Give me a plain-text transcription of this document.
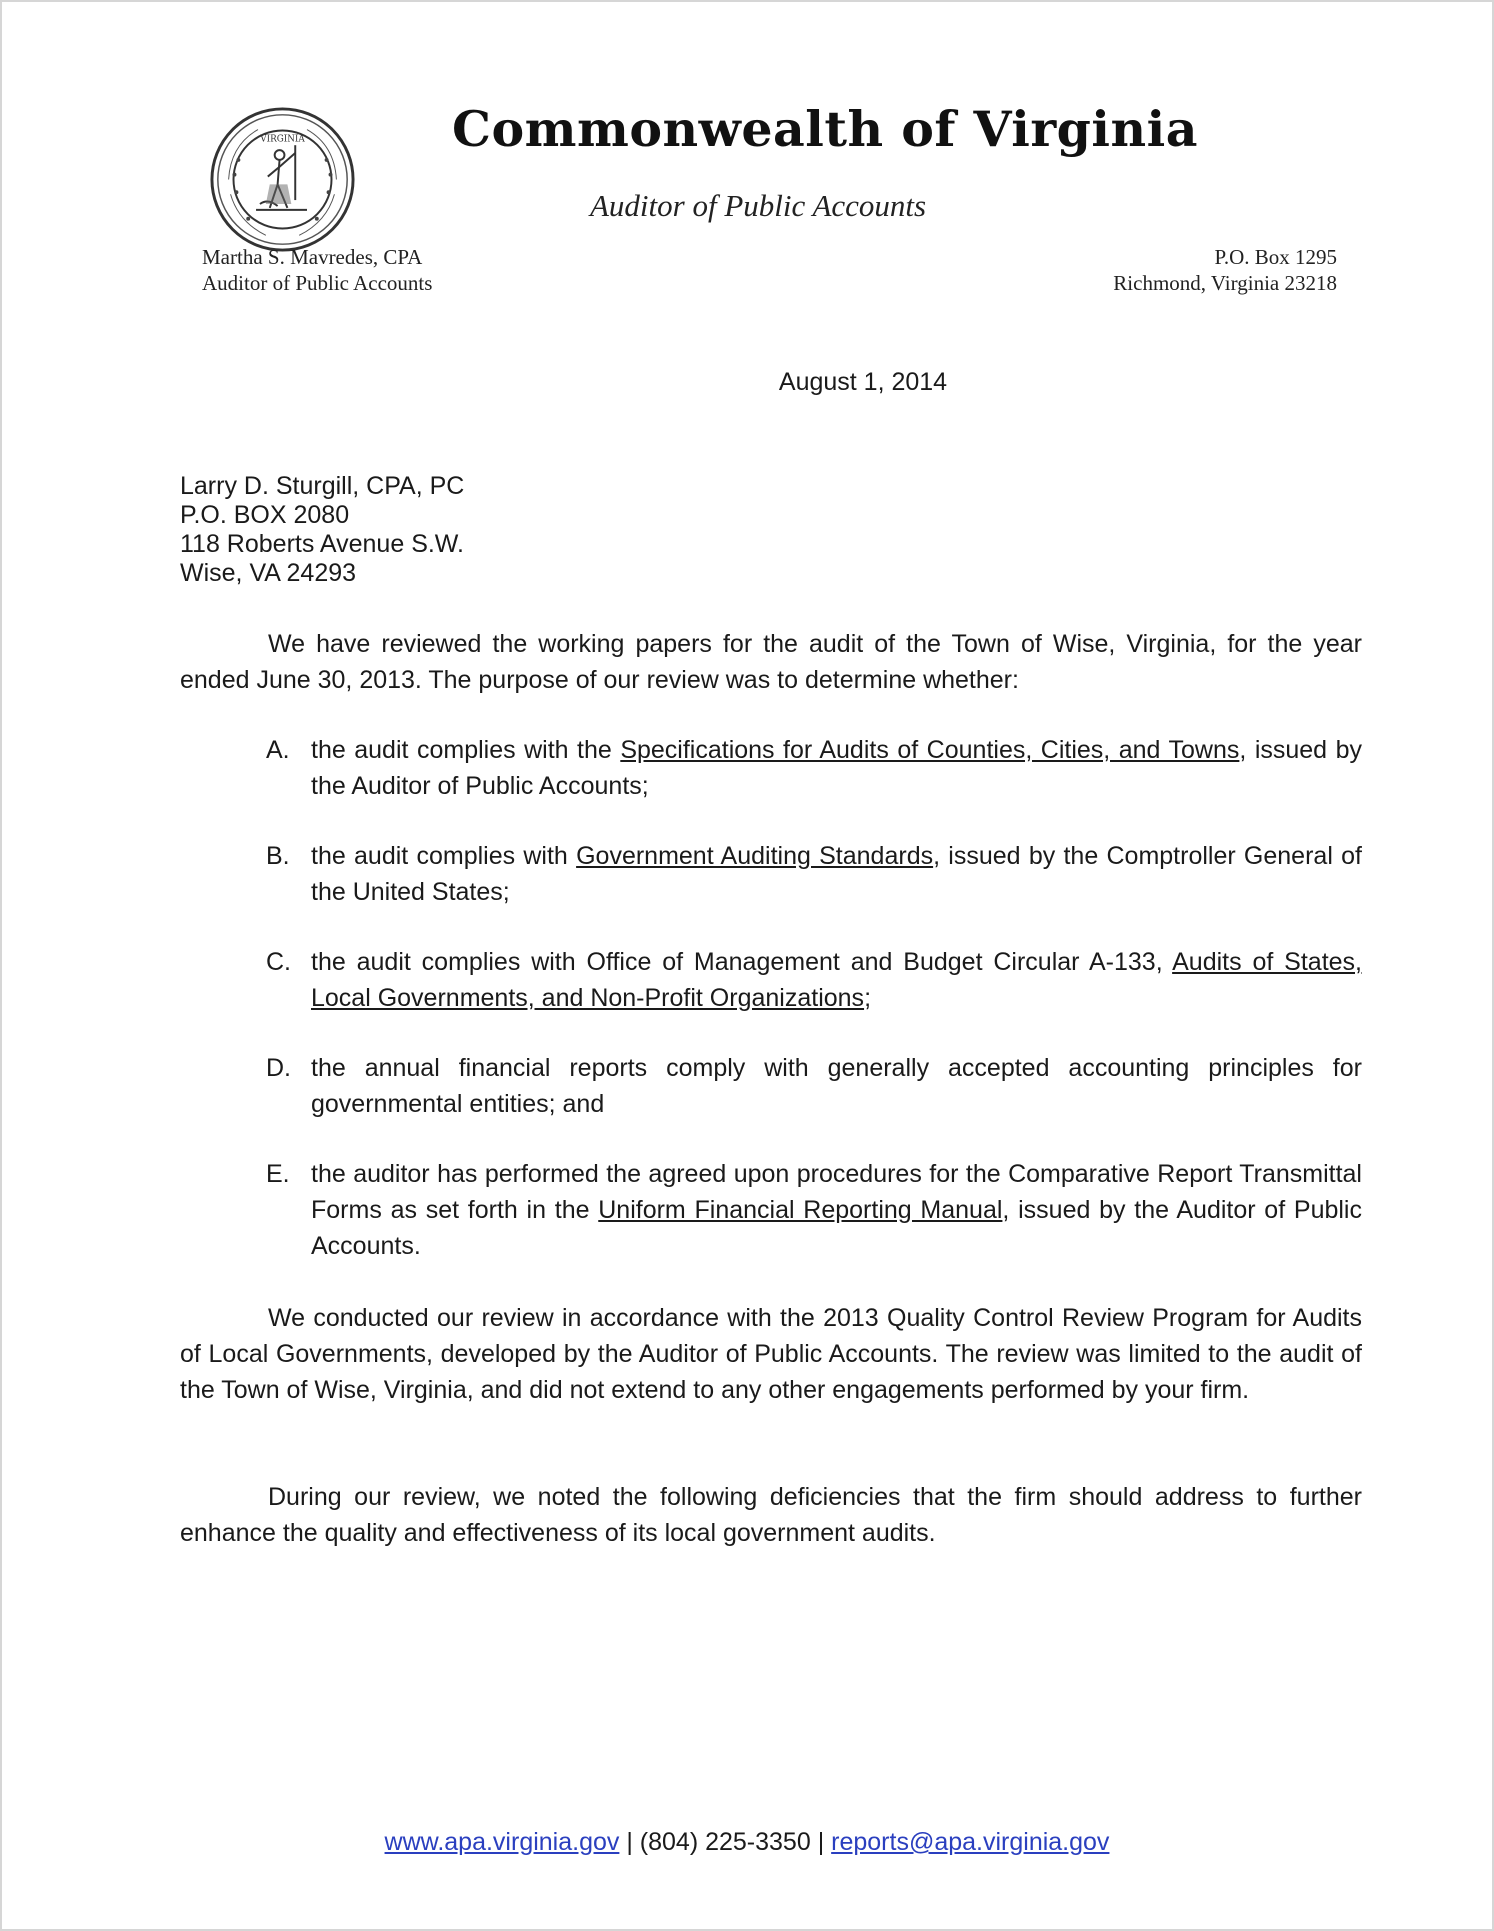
VIRGINIA	Commonwealth of Virginia
Auditor of Public Accounts
Martha S. Mavredes, CPA
Auditor of Public Accounts
P.O. Box 1295
Richmond, Virginia 23218
August 1, 2014
Larry D. Sturgill, CPA, PC
P.O. BOX 2080
118 Roberts Avenue S.W.
Wise, VA 24293

We have reviewed the working papers for the audit of the Town of Wise, Virginia, for the year ended June 30, 2013. The purpose of our review was to determine whether:

A. the audit complies with the Specifications for Audits of Counties, Cities, and Towns, issued by the Auditor of Public Accounts;
B. the audit complies with Government Auditing Standards, issued by the Comptroller General of the United States;
C. the audit complies with Office of Management and Budget Circular A-133, Audits of States, Local Governments, and Non-Profit Organizations;
D. the annual financial reports comply with generally accepted accounting principles for governmental entities; and
E. the auditor has performed the agreed upon procedures for the Comparative Report Transmittal Forms as set forth in the Uniform Financial Reporting Manual, issued by the Auditor of Public Accounts.

We conducted our review in accordance with the 2013 Quality Control Review Program for Audits of Local Governments, developed by the Auditor of Public Accounts. The review was limited to the audit of the Town of Wise, Virginia, and did not extend to any other engagements performed by your firm.

During our review, we noted the following deficiencies that the firm should address to further enhance the quality and effectiveness of its local government audits.

www.apa.virginia.gov | (804) 225-3350 | reports@apa.virginia.gov
